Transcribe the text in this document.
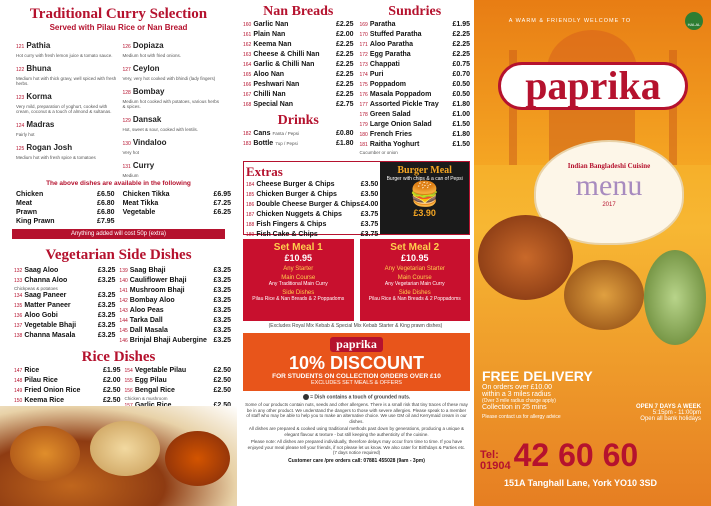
Traditional Curry Selection
Served with Pilau Rice or Nan Bread
121 Pathia
Hot curry with fresh lemon juice & tomato sauce.
122 Bhuna
Medium hot with thick gravy, well spiced with fresh herbs.
123 Korma
Very mild, preparation of yoghurt, cooked with cream, coconut & a touch of almond & sultanas.
124 Madras
Fairly hot
125 Rogan Josh
Medium hot with fresh spice & tomatoes
126 Dopiaza
Medium hot with fried onions.
127 Ceylon
Very, very hot cooked with bhindi (lady fingers)
128 Bombay
Medium hot cooked with potatoes, various herbs & spices.
129 Dansak
Hot, sweet & sour, cooked with lentils.
130 Vindaloo
Very hot
131 Curry
Medium
The above dishes are available in the following
Chicken	£6.50
Meat	£6.80
Prawn	£6.80
King Prawn	£7.95
Chicken Tikka	£6.95
Meat Tikka	£7.25
Vegetable	£6.25
Anything added will cost 50p (extra)
Vegetarian Side Dishes
132 Saag Aloo	£3.25
133 Channa Aloo	£3.25
Chickpeas & potatoes
134 Saag Paneer	£3.25
135 Matter Paneer	£3.25
136 Aloo Gobi	£3.25
137 Vegetable Bhaji	£3.25
138 Channa Masala	£3.25
139 Saag Bhaji	£3.25
140 Cauliflower Bhaji	£3.25
141 Mushroom Bhaji	£3.25
142 Bombay Aloo	£3.25
143 Aloo Peas	£3.25
144 Tarka Dall	£3.25
145 Dall Masala	£3.25
146 Brinjal Bhaji Aubergine £3.25
Rice Dishes
147 Rice	£1.95
148 Pilau Rice	£2.00
149 Fried Onion Rice	£2.50
150 Keema Rice	£2.50
154 Vegetable Pilau	£2.50
155 Egg Pilau	£2.50
156 Bengal Rice	£2.50
Chicken & mushroom
Nan Breads
160 Garlic Nan	£2.25
161 Plain Nan	£2.00
162 Keema Nan	£2.25
163 Cheese & Chilli Nan £2.25
164 Garlic & Chilli Nan	£2.25
165 Aloo Nan	£2.25
166 Peshwari Nan	£2.25
167 Chilli Nan	£2.25
168 Special Nan	£2.75
Drinks
182 Cans Fanta / Pepsi	£0.80
183 Bottle 7up / Pepsi	£1.80
Sundries
169 Paratha	£1.95
170 Stuffed Paratha	£2.25
171 Aloo Paratha	£2.25
172 Egg Paratha	£2.25
173 Chappati	£0.75
174 Puri	£0.70
175 Poppadom	£0.50
176 Masala Poppadom	£0.50
177 Assorted Pickle Tray £1.80
178 Green Salad	£1.00
179 Large Onion Salad	£1.50
180 French Fries	£1.80
181 Raitha Yoghurt	£1.50
Cucumber or onion
Extras
184 Cheese Burger & Chips	£3.50
185 Chicken Burger & Chips	£3.50
186 Double Cheese Burger & Chips £4.00
187 Chicken Nuggets & Chips	£3.75
188 Fish Fingers & Chips	£3.75
189 Fish Cake & Chips	£3.75
Burger Meal
Burger with chips & a can of Pepsi
🍔
£3.90
Set Meal 1
£10.95
Any Starter
Main Course
Any Traditional Main Curry
Side Dishes
Pilau Rice & Nan Breads & 2 Poppadoms
Set Meal 2
£10.95
Any Vegetarian Starter
Main Course
Any Vegetarian Main Curry
Side Dishes
Pilau Rice & Nan Breads & 2 Poppadoms
(Excludes Royal Mix Kebab & Special Mix Kebab Starter & King prawn dishes)
paprika
10% DISCOUNT
FOR STUDENTS ON COLLECTION ORDERS OVER £10
EXCLUDES SET MEALS & OFFERS
= Dish contains a touch of grounded nuts.
Some of our products contain nuts, seeds and other allergens. There is a small risk that tiny traces of these may be in any other product. We understand the dangers to those with severe allergies. Please speak to a member of staff who may be able to help you to make an alternative choice. We use GM oil and Kerrymaid cream in our dishes.
All dishes are prepared & cooked using traditional methods past down by generations, producing a unique & elegant flavour & texture - but still keeping the authenticity of the cuisine.
Please note: All dishes are prepared individually, therefore delays may occur from time to time. If you have enjoyed your meal please tell your friends, if not please let us know. We also cater for Birthdays & Parties etc. (7 days notice required)
Customer care /pre orders call: 07881 455028 (9am - 3pm)
A WARM & FRIENDLY WELCOME TO
HALAL
paprika
Indian Bangladeshi Cuisine
menu
2017
FREE DELIVERY
On orders over £10.00
within a 3 miles radius
(Over 3 mile radius charge apply)
Collection in 25 mins
Please contact us for allergy advice
OPEN 7 DAYS A WEEK
5:15pm - 11:00pm
Open all bank holidays
Tel:
01904 42 60 60
151A Tanghall Lane, York YO10 3SD
